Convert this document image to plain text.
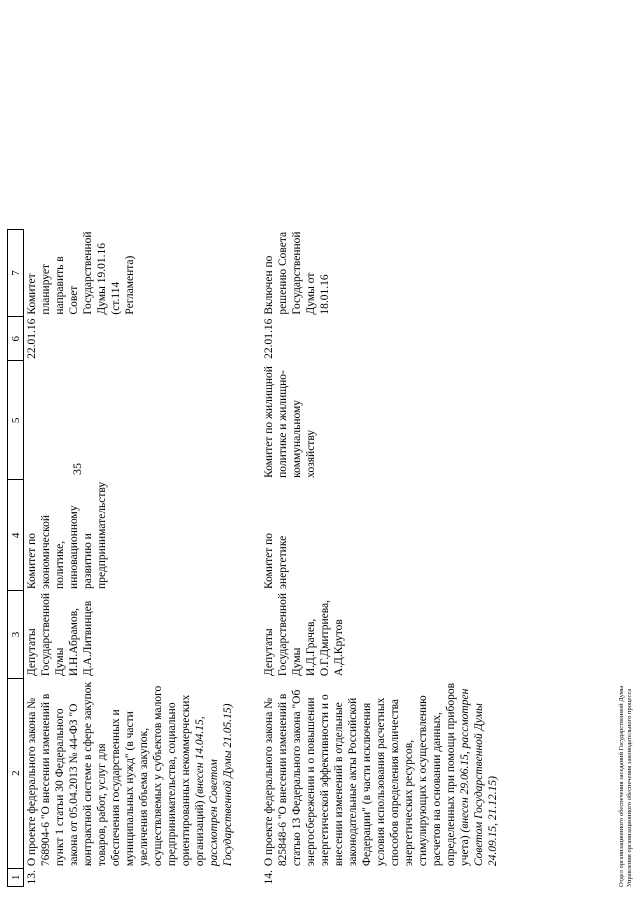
35
1	2	3	4	5	6	7
13.	О проекте федерального закона № 768904-6 "О внесении изменений в пункт 1 статьи 30 Федерального закона от 05.04.2013 № 44-ФЗ "О контрактной системе в сфере закупок товаров, работ, услуг для обеспечения государственных и муниципальных нужд" (в части увеличения объема закупок, осуществляемых у субъектов малого предпринимательства, социально ориентированных некоммерческих организаций) (внесен 14.04.15, рассмотрен Советом Государственной Думы 21.05.15)	Депутаты Государственной Думы И.Н.Абрамов, Д.А.Литвинцев	Комитет по экономической политике, инновационному развитию и предпринимательству		22.01.16	Комитет планирует направить в Совет Государственной Думы 19.01.16 (ст.114 Регламента)
14.	О проекте федерального закона № 825848-6 "О внесении изменений в статью 13 Федерального закона "Об энергосбережении и о повышении энергетической эффективности и о внесении изменений в отдельные законодательные акты Российской Федерации" (в части исключения условия использования расчетных способов определения количества энергетических ресурсов, стимулирующих к осуществлению расчетов на основании данных, определенных при помощи приборов учета) (внесен 29.06.15, рассмотрен Советом Государственной Думы 24.09.15, 21.12.15)	Депутаты Государственной Думы И.Д.Грачев, О.Г.Дмитриева, А.Д.Крутов	Комитет по энергетике	Комитет по жилищной политике и жилищно-коммунальному хозяйству	22.01.16	Включен по решению Совета Государственной Думы от 18.01.16
Отдел организационного обеспечения заседаний Государственной Думы Управления организационного обеспечения законодательного процесса
